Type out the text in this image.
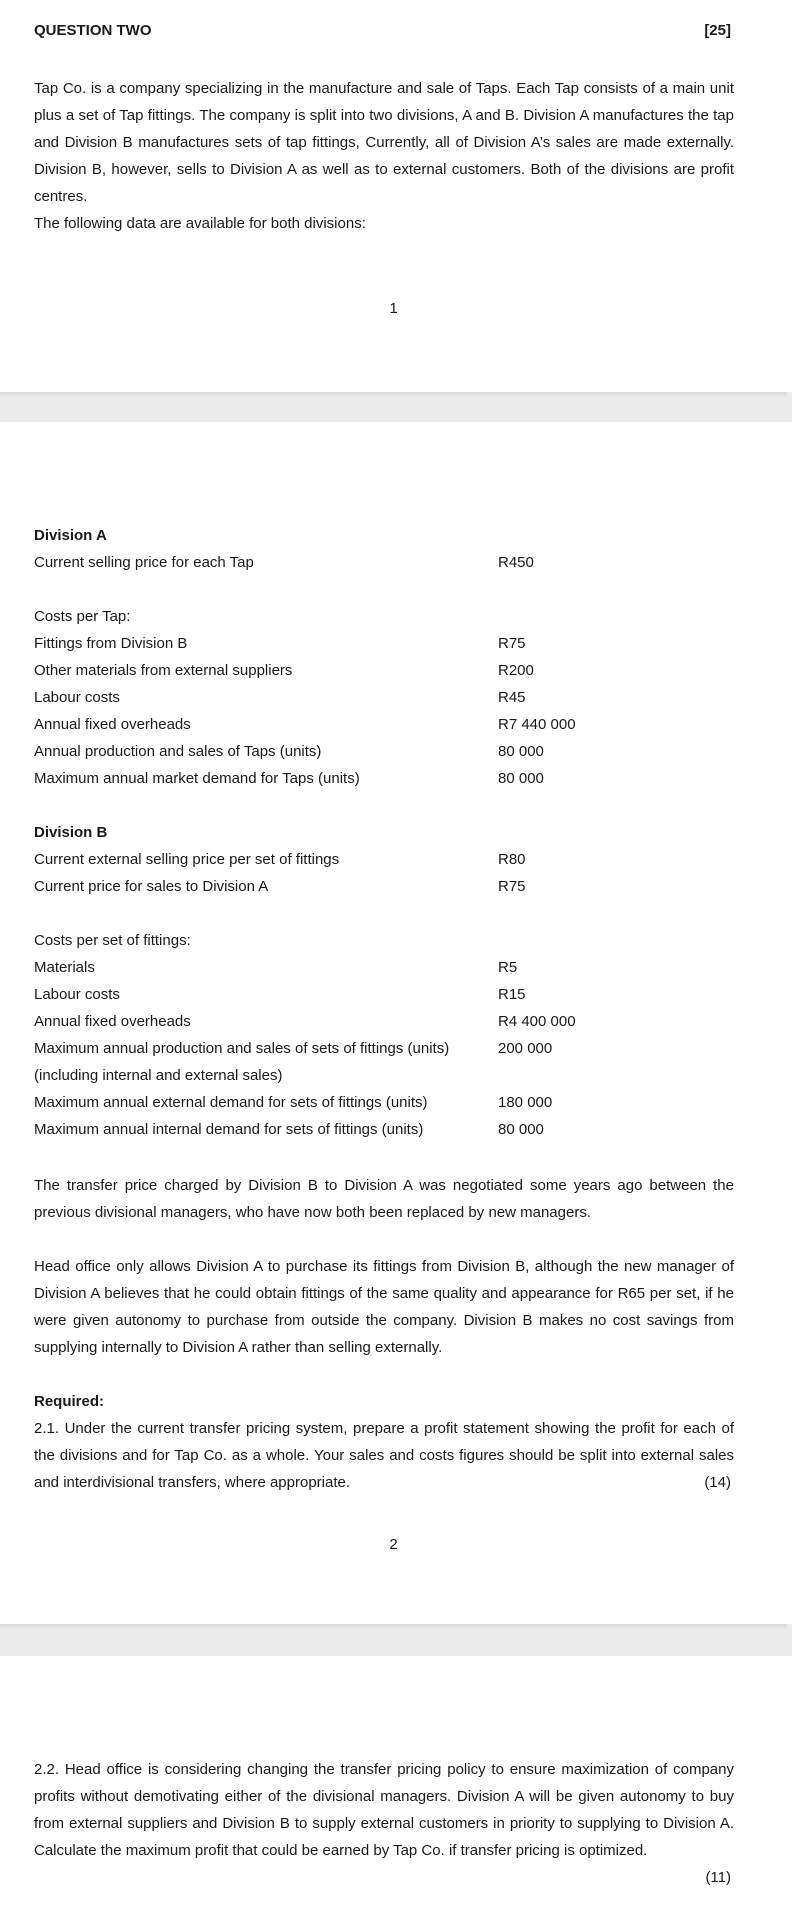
QUESTION TWO	[25]
Tap Co. is a company specializing in the manufacture and sale of Taps. Each Tap consists of a main unit plus a set of Tap fittings. The company is split into two divisions, A and B. Division A manufactures the tap and Division B manufactures sets of tap fittings, Currently, all of Division A’s sales are made externally. Division B, however, sells to Division A as well as to external customers. Both of the divisions are profit centres.
The following data are available for both divisions:
1
Division A
Current selling price for each Tap	R450
Costs per Tap:
Fittings from Division B	R75
Other materials from external suppliers	R200
Labour costs	R45
Annual fixed overheads	R7 440 000
Annual production and sales of Taps (units)	80 000
Maximum annual market demand for Taps (units)	80 000
Division B
Current external selling price per set of fittings	R80
Current price for sales to Division A	R75
Costs per set of fittings:
Materials	R5
Labour costs	R15
Annual fixed overheads	R4 400 000
Maximum annual production and sales of sets of fittings (units)	200 000
(including internal and external sales)
Maximum annual external demand for sets of fittings (units)	180 000
Maximum annual internal demand for sets of fittings (units)	80 000
The transfer price charged by Division B to Division A was negotiated some years ago between the previous divisional managers, who have now both been replaced by new managers.
Head office only allows Division A to purchase its fittings from Division B, although the new manager of Division A believes that he could obtain fittings of the same quality and appearance for R65 per set, if he were given autonomy to purchase from outside the company. Division B makes no cost savings from supplying internally to Division A rather than selling externally.
Required:
2.1. Under the current transfer pricing system, prepare a profit statement showing the profit for each of the divisions and for Tap Co. as a whole. Your sales and costs figures should be split into external sales and interdivisional transfers, where appropriate.	(14)
2
2.2. Head office is considering changing the transfer pricing policy to ensure maximization of company profits without demotivating either of the divisional managers. Division A will be given autonomy to buy from external suppliers and Division B to supply external customers in priority to supplying to Division A. Calculate the maximum profit that could be earned by Tap Co. if transfer pricing is optimized.
(11)
